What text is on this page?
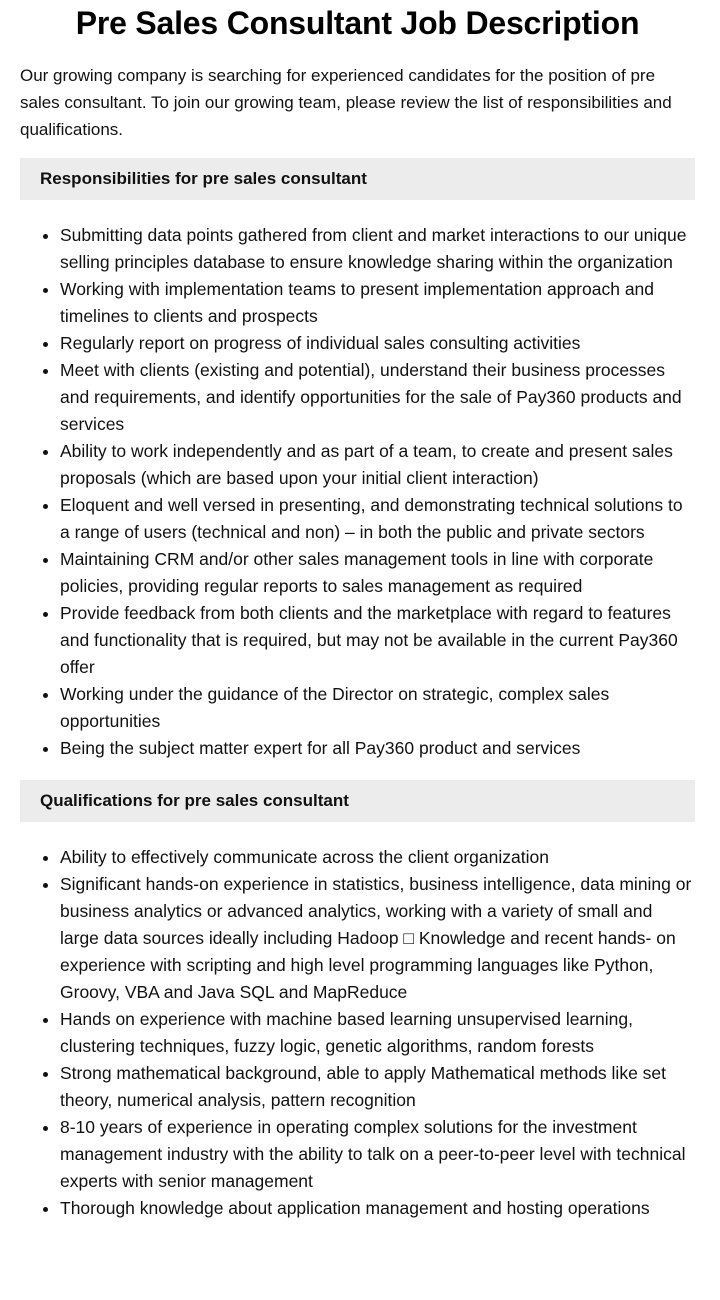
Pre Sales Consultant Job Description

Our growing company is searching for experienced candidates for the position of pre sales consultant. To join our growing team, please review the list of responsibilities and qualifications.

Responsibilities for pre sales consultant
• Submitting data points gathered from client and market interactions to our unique selling principles database to ensure knowledge sharing within the organization
• Working with implementation teams to present implementation approach and timelines to clients and prospects
• Regularly report on progress of individual sales consulting activities
• Meet with clients (existing and potential), understand their business processes and requirements, and identify opportunities for the sale of Pay360 products and services
• Ability to work independently and as part of a team, to create and present sales proposals (which are based upon your initial client interaction)
• Eloquent and well versed in presenting, and demonstrating technical solutions to a range of users (technical and non) – in both the public and private sectors
• Maintaining CRM and/or other sales management tools in line with corporate policies, providing regular reports to sales management as required
• Provide feedback from both clients and the marketplace with regard to features and functionality that is required, but may not be available in the current Pay360 offer
• Working under the guidance of the Director on strategic, complex sales opportunities
• Being the subject matter expert for all Pay360 product and services
Qualifications for pre sales consultant
• Ability to effectively communicate across the client organization
• Significant hands-on experience in statistics, business intelligence, data mining or business analytics or advanced analytics, working with a variety of small and large data sources ideally including Hadoop □ Knowledge and recent hands- on experience with scripting and high level programming languages like Python, Groovy, VBA and Java SQL and MapReduce
• Hands on experience with machine based learning unsupervised learning, clustering techniques, fuzzy logic, genetic algorithms, random forests
• Strong mathematical background, able to apply Mathematical methods like set theory, numerical analysis, pattern recognition
• 8-10 years of experience in operating complex solutions for the investment management industry with the ability to talk on a peer-to-peer level with technical experts with senior management
• Thorough knowledge about application management and hosting operations
